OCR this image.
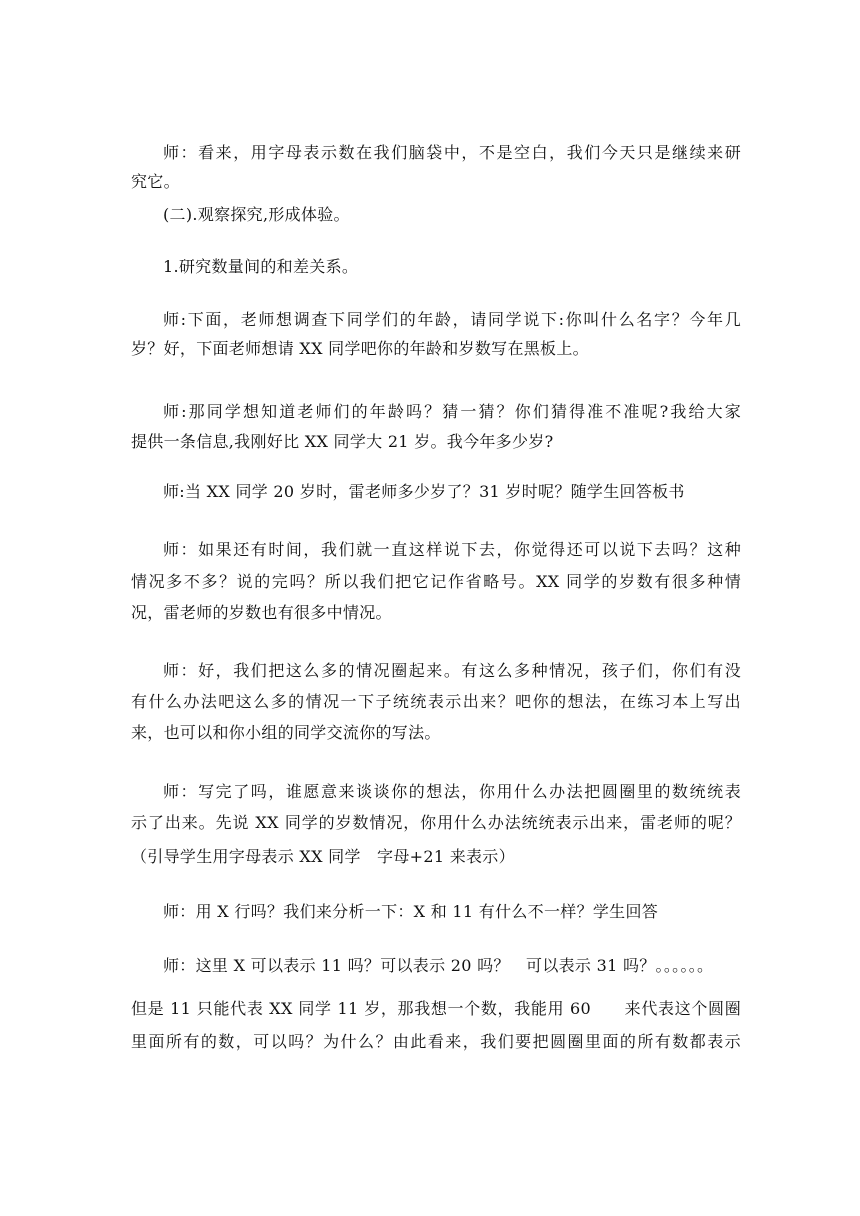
师：看来，用字母表示数在我们脑袋中，不是空白，我们今天只是继续来研

究它。

(二).观察探究,形成体验。

1.研究数量间的和差关系。

师:下面，老师想调查下同学们的年龄，请同学说下:你叫什么名字？今年几

岁？好，下面老师想请 XX 同学吧你的年龄和岁数写在黑板上。

师:那同学想知道老师们的年龄吗？猜一猜？你们猜得准不准呢?我给大家

提供一条信息,我刚好比 XX 同学大 21 岁。我今年多少岁?

师:当 XX 同学 20 岁时，雷老师多少岁了？31 岁时呢？随学生回答板书

师：如果还有时间，我们就一直这样说下去，你觉得还可以说下去吗？这种

情况多不多？说的完吗？所以我们把它记作省略号。XX 同学的岁数有很多种情

况，雷老师的岁数也有很多中情况。

师：好，我们把这么多的情况圈起来。有这么多种情况，孩子们，你们有没

有什么办法吧这么多的情况一下子统统表示出来？吧你的想法，在练习本上写出

来，也可以和你小组的同学交流你的写法。

师：写完了吗，谁愿意来谈谈你的想法，你用什么办法把圆圈里的数统统表

示了出来。先说 XX 同学的岁数情况，你用什么办法统统表示出来，雷老师的呢？

（引导学生用字母表示 XX 同学　字母+21 来表示）

师：用 X 行吗？我们来分析一下：X 和 11 有什么不一样？学生回答

师：这里 X 可以表示 11 吗？可以表示 20 吗？　可以表示 31 吗？。。。。。。

但是 11 只能代表 XX 同学 11 岁，那我想一个数，我能用 60　　来代表这个圆圈

里面所有的数，可以吗？为什么？由此看来，我们要把圆圈里面的所有数都表示
